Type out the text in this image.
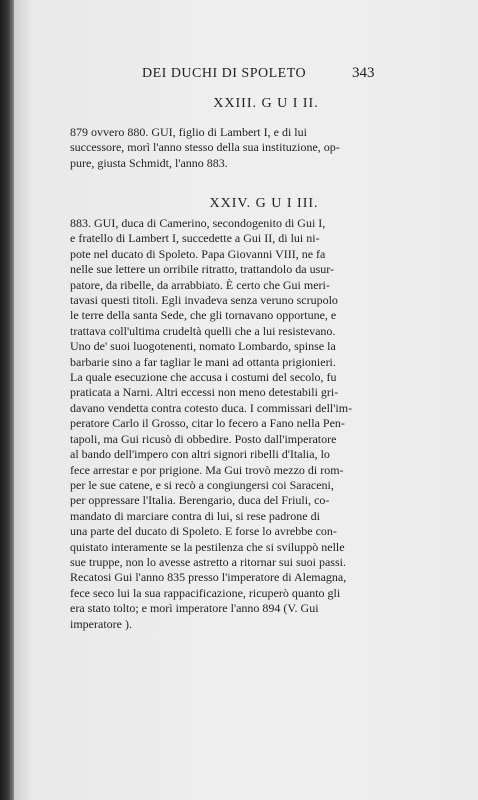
DEI DUCHI DI SPOLETO	343
XXIII. G U I II.
879 ovvero 880. GUI, figlio di Lambert I, e di lui
successore, morì l'anno stesso della sua instituzione, op-
pure, giusta Schmidt, l'anno 883.
XXIV. G U I III.
883. GUI, duca di Camerino, secondogenito di Gui I,
e fratello di Lambert I, succedette a Gui II, di lui ni-
pote nel ducato di Spoleto. Papa Giovanni VIII, ne fa
nelle sue lettere un orribile ritratto, trattandolo da usur-
patore, da ribelle, da arrabbiato. È certo che Gui meri-
tavasi questi titoli. Egli invadeva senza veruno scrupolo
le terre della santa Sede, che gli tornavano opportune, e
trattava coll'ultima crudeltà quelli che a lui resistevano.
Uno de' suoi luogotenenti, nomato Lombardo, spinse la
barbarie sino a far tagliar le mani ad ottanta prigionieri.
La quale esecuzione che accusa i costumi del secolo, fu
praticata a Narni. Altri eccessi non meno detestabili gri-
davano vendetta contra cotesto duca. I commissari dell'im-
peratore Carlo il Grosso, citar lo fecero a Fano nella Pen-
tapoli, ma Gui ricusò di obbedire. Posto dall'imperatore
al bando dell'impero con altri signori ribelli d'Italia, lo
fece arrestar e por prigione. Ma Gui trovò mezzo di rom-
per le sue catene, e si recò a congiungersi coi Saraceni,
per oppressare l'Italia. Berengario, duca del Friuli, co-
mandato di marciare contra di lui, si rese padrone di
una parte del ducato di Spoleto. E forse lo avrebbe con-
quistato interamente se la pestilenza che si sviluppò nelle
sue truppe, non lo avesse astretto a ritornar sui suoi passi.
Recatosi Gui l'anno 835 presso l'imperatore di Alemagna,
fece seco lui la sua rappacificazione, ricuperò quanto gli
era stato tolto; e morì imperatore l'anno 894 (V. Gui
imperatore ).
